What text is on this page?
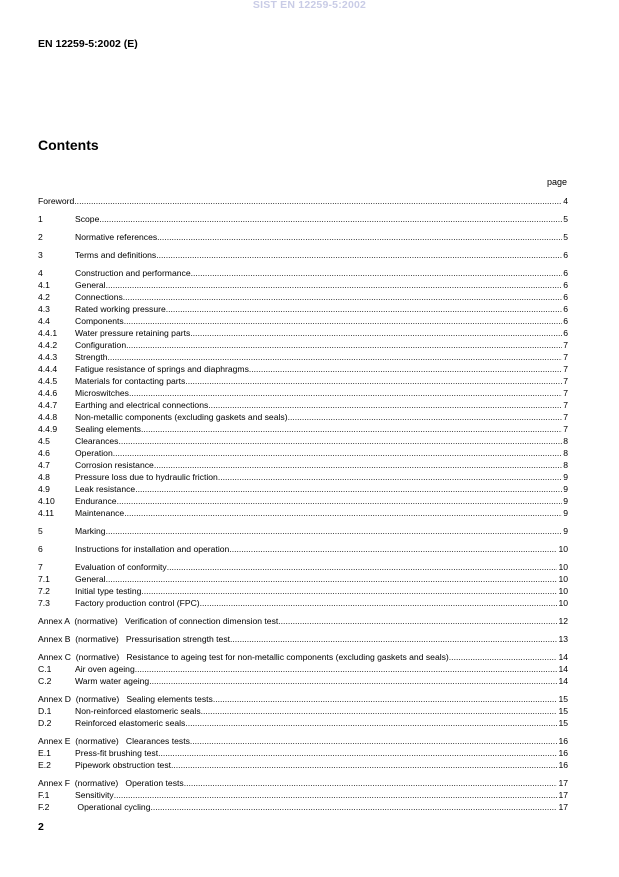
SIST EN 12259-5:2002
EN 12259-5:2002 (E)
Contents
page
Foreword .....	4
1	Scope .....	5
2	Normative references .....	5
3	Terms and definitions .....	6
4	Construction and performance .....	6
4.1	General .....	6
4.2	Connections .....	6
4.3	Rated working pressure .....	6
4.4	Components .....	6
4.4.1	Water pressure retaining parts .....	6
4.4.2	Configuration .....	7
4.4.3	Strength .....	7
4.4.4	Fatigue resistance of springs and diaphragms .....	7
4.4.5	Materials for contacting parts .....	7
4.4.6	Microswitches .....	7
4.4.7	Earthing and electrical connections .....	7
4.4.8	Non-metallic components (excluding gaskets and seals) .....	7
4.4.9	Sealing elements .....	7
4.5	Clearances .....	8
4.6	Operation .....	8
4.7	Corrosion resistance .....	8
4.8	Pressure loss due to hydraulic friction .....	9
4.9	Leak resistance .....	9
4.10	Endurance .....	9
4.11	Maintenance .....	9
5	Marking .....	9
6	Instructions for installation and operation .....	10
7	Evaluation of conformity .....	10
7.1	General .....	10
7.2	Initial type testing .....	10
7.3	Factory production control (FPC) .....	10
Annex A  (normative)   Verification of connection dimension test .....	12
Annex B  (normative)   Pressurisation strength test .....	13
Annex C  (normative)   Resistance to ageing test for non-metallic components (excluding gaskets and seals) .....	14
C.1	Air oven ageing .....	14
C.2	Warm water ageing .....	14
Annex D  (normative)   Sealing elements tests .....	15
D.1	Non-reinforced elastomeric seals .....	15
D.2	Reinforced elastomeric seals .....	15
Annex E  (normative)   Clearances tests .....	16
E.1	Press-fit brushing test .....	16
E.2	Pipework obstruction test .....	16
Annex F  (normative)   Operation tests .....	17
F.1	Sensitivity .....	17
F.2	Operational cycling .....	17
2
